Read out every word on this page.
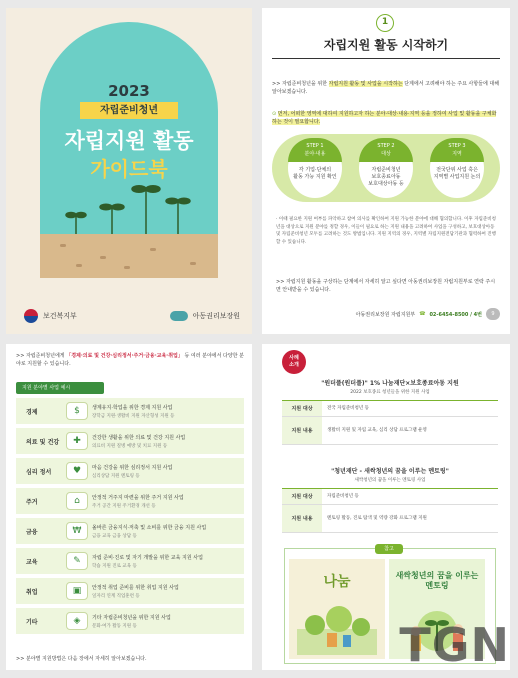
2023
자립준비청년
자립지원 활동
가이드북
보건복지부	아동권리보장원
1
자립지원 활동 시작하기
>> 자립준비청년을 위한 자립지원 활동 및 사업을 시작하는 단계에서 고려해야 하는 주요 사항들에 대해 알아보겠습니다.
⊙ 먼저, 어떠한 영역에 대하여 지원하고자 하는 분야·대상·내용·지역 등을 정하여 사업 및 활동을 구체화하는 것이 필요합니다.
STEP 1
분야·내용
각 기업·단체의
활동 가능 지원 확인
STEP 2
대상
자립준비청년
보호종료아동
보호대상아동 등
STEP 3
지역
전국단위 사업 혹은
지역별 사업지원 논의
· 이때 필요한 지원 여부를 파악하고 참여 의사를 확인하여 지원 가능한 분야에 대해 협의합니다. 이후 자립준비청년을 대상으로 지원 분야를 정할 경우, 이들이 필요로 하는 지원 내용을 고려하여 사업을 구성하고, 보호대상아동 및 자립준비청년 모두를 고려하는 것도 방법입니다. 지원 지역의 경우, 지역별 자립지원전담기관과 협력하여 진행할 수 있습니다.
>> 자립지원 활동을 구상하는 단계에서 자세히 알고 싶다면 아동권리보장원 자립지원부로 연락 주시면 안내받을 수 있습니다.
아동권리보장원 자립지원부 ☎ 02-6454-8500 / 4번	9
>> 자립준비청년에게 「경제·의료 및 건강·심리정서·주거·금융·교육·취업」 등 여러 분야에서 다양한 분야로 지원할 수 있습니다.
지원 분야별 사업 예시
경제	$	생계유지·학업을 위한 경제 지원 사업
장학금 지원·생활비 지원 자산형성 지원 등
의료 및 건강	✚	건강한 생활을 위한 의료 및 건강 지원 사업
의료비 지원 질병 예방 및 치료 지원 등
심리 정서	♥	마음 건강을 위한 심리정서 지원 사업
심리상담 지원 멘토링 등
주거	⌂	안정적 거주지 마련을 위한 주거 지원 사업
주거 공간 지원 주거환경 개선 등
금융	₩	올바른 금융지식·저축 및 소비를 위한 금융 지원 사업
금융 교육 금융 상담 등
교육	✎	자립 준비·진로 및 자기 개발을 위한 교육 지원 사업
학습 지원 진로 교육 등
취업	▣	안정적 취업 준비를 위한 취업 지원 사업
일자리 연계 직업훈련 등
기타	◈	기타 자립준비청년을 위한 지원 사업
문화·여가 활동 지원 등
>> 분야별 지원방법은 다음 장에서 자세히 알아보겠습니다.
사례
소개
"원더풀(원더풀)" 1% 나눔재단×보호종료아동 지원
2022 보호종료 청년들을 위한 지원 사업
지원 대상	전국 자립준비청년 등
지원 내용	생활비 지원 및 자립 교육, 심리 상담 프로그램 운영
"청년재단 - 새싹청년의 꿈을 이루는 멘토링"
새싹청년의 꿈을 이루는 멘토링 사업
지원 대상	자립준비청년 등
지원 내용	멘토링 활동, 진로 탐색 및 역량 강화 프로그램 지원
참고
나눔	새싹청년의 꿈을 이루는 멘토링
TGN
